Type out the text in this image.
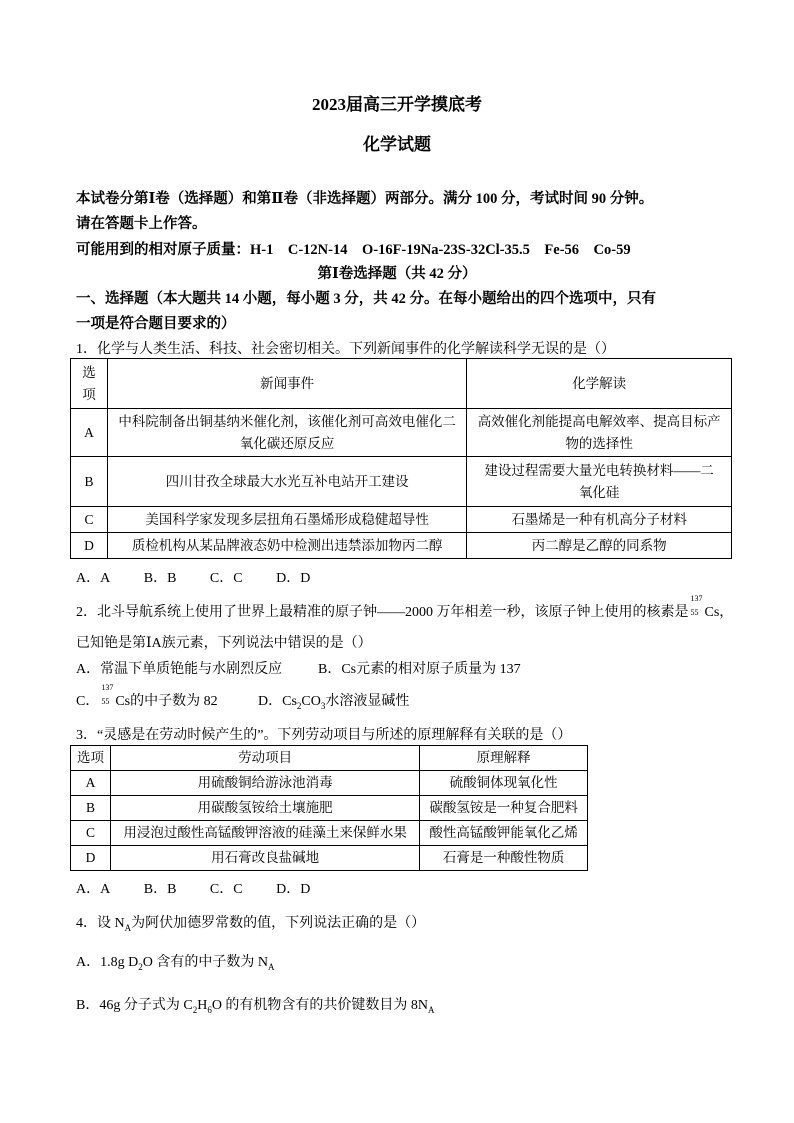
2023届高三开学摸底考
化学试题
本试卷分第Ⅰ卷（选择题）和第Ⅱ卷（非选择题）两部分。满分 100 分，考试时间 90 分钟。
请在答题卡上作答。
可能用到的相对原子质量：H-1　C-12N-14　O-16F-19Na-23S-32Cl-35.5　Fe-56　Co-59
第Ⅰ卷选择题（共 42 分）
一、选择题（本大题共 14 小题，每小题 3 分，共 42 分。在每小题给出的四个选项中，只有
一项是符合题目要求的）
1．化学与人类生活、科技、社会密切相关。下列新闻事件的化学解读科学无误的是（）
选
项	新闻事件	化学解读
A	中科院制备出铜基纳米催化剂，该催化剂可高效电催化二
氧化碳还原反应	高效催化剂能提高电解效率、提高目标产
物的选择性
B	四川甘孜全球最大水光互补电站开工建设	建设过程需要大量光电转换材料——二
氧化硅
C	美国科学家发现多层扭角石墨烯形成稳健超导性	石墨烯是一种有机高分子材料
D	质检机构从某品牌液态奶中检测出违禁添加物丙二醇	丙二醇是乙醇的同系物
A．A B．B C．C D．D
2．北斗导航系统上使用了世界上最精准的原子钟——2000 万年相差一秒，该原子钟上使用的核素是
137
55 Cs，
已知铯是第ⅠA族元素，下列说法中错误的是（）
A．常温下单质铯能与水剧烈反应	B．Cs元素的相对原子质量为 137
C．
137
55 Cs的中子数为 82	D．$Cs_2CO_3$水溶液显碱性
3．“灵感是在劳动时候产生的”。下列劳动项目与所述的原理解释有关联的是（）
选项	劳动项目	原理解释
A	用硫酸铜给游泳池消毒	硫酸铜体现氧化性
B	用碳酸氢铵给土壤施肥	碳酸氢铵是一种复合肥料
C	用浸泡过酸性高锰酸钾溶液的硅藻土来保鲜水果	酸性高锰酸钾能氧化乙烯
D	用石膏改良盐碱地	石膏是一种酸性物质
A．A B．B C．C D．D
4．设 $N_A$为阿伏加德罗常数的值，下列说法正确的是（）
A．1.8g $D_2O$ 含有的中子数为 $N_A$
B．46g 分子式为 $C_2H_6O$ 的有机物含有的共价键数目为 $8N_A$
